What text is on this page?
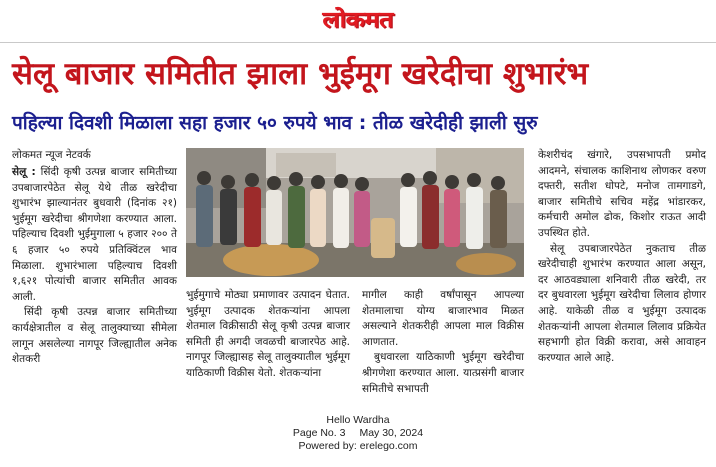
लोकमत
सेलू बाजार समितीत झाला भुईमूग खरेदीचा शुभारंभ
पहिल्या दिवशी मिळाला सहा हजार ५० रुपये भाव : तीळ खरेदीही झाली सुरु
लोकमत न्यूज नेटवर्क

सेलू : सिंदी कृषी उत्पन्न बाजार समितीच्या उपबाजारपेठेत सेलू येथे तीळ खरेदीचा शुभारंभ झाल्यानंतर बुधवारी (दिनांक २१) भुईमूग खरेदीचा श्रीगणेशा करण्यात आला. पहिल्याच दिवशी भुईमुगाला ५ हजार २०० ते ६ हजार ५० रुपये प्रतिक्विंटल भाव मिळाला. शुभारंभाला पहिल्याच दिवशी १,६२१ पोत्यांची बाजार समितीत आवक आली.

सिंदी कृषी उत्पन्न बाजार समितीच्या कार्यक्षेत्रातील व सेलू तालुक्याच्या सीमेला लागून असलेल्या नागपूर जिल्ह्यातील अनेक शेतकरी

भुईमुगाचे मोठ्या प्रमाणावर उत्पादन घेतात. भुईमूग उत्पादक शेतकऱ्यांना आपला शेतमाल विक्रीसाठी सेलू कृषी उत्पन्न बाजार समिती ही अगदी जवळची बाजारपेठ आहे. नागपूर जिल्ह्यासह सेलू तालुक्यातील भुईमूग याठिकाणी विक्रीस येतो. शेतकऱ्यांना

मागील काही वर्षांपासून आपल्या शेतमालाचा योग्य बाजारभाव मिळत असल्याने शेतकरीही आपला माल विक्रीस आणतात.

बुधवारला याठिकाणी भुईमूग खरेदीचा श्रीगणेशा करण्यात आला. यात्प्रसंगी बाजार समितीचे सभापती

केशरीचंद खंगारे, उपसभापती प्रमोद आदमने, संचालक काशिनाथ लोणकर वरुण दफ्तरी, सतीश धोपटे, मनोज तामगाडगे, बाजार समितीचे सचिव महेंद्र भांडारकर, कर्मचारी अमोल ढोक, किशोर राऊत आदी उपस्थित होते.

सेलू उपबाजारपेठेत नुकताच तीळ खरेदीचाही शुभारंभ करण्यात आला असून, दर आठवड्याला शनिवारी तीळ खरेदी, तर दर बुधवारला भुईमूग खरेदीचा लिलाव होणार आहे. याकेळी तीळ व भुईमूग उत्पादक शेतकऱ्यांनी आपला शेतमाल लिलाव प्रक्रियेत सहभागी होत विक्री करावा, असे आवाहन करण्यात आले आहे.

Hello Wardha
Page No. 3 May 30, 2024
Powered by: erelego.com
